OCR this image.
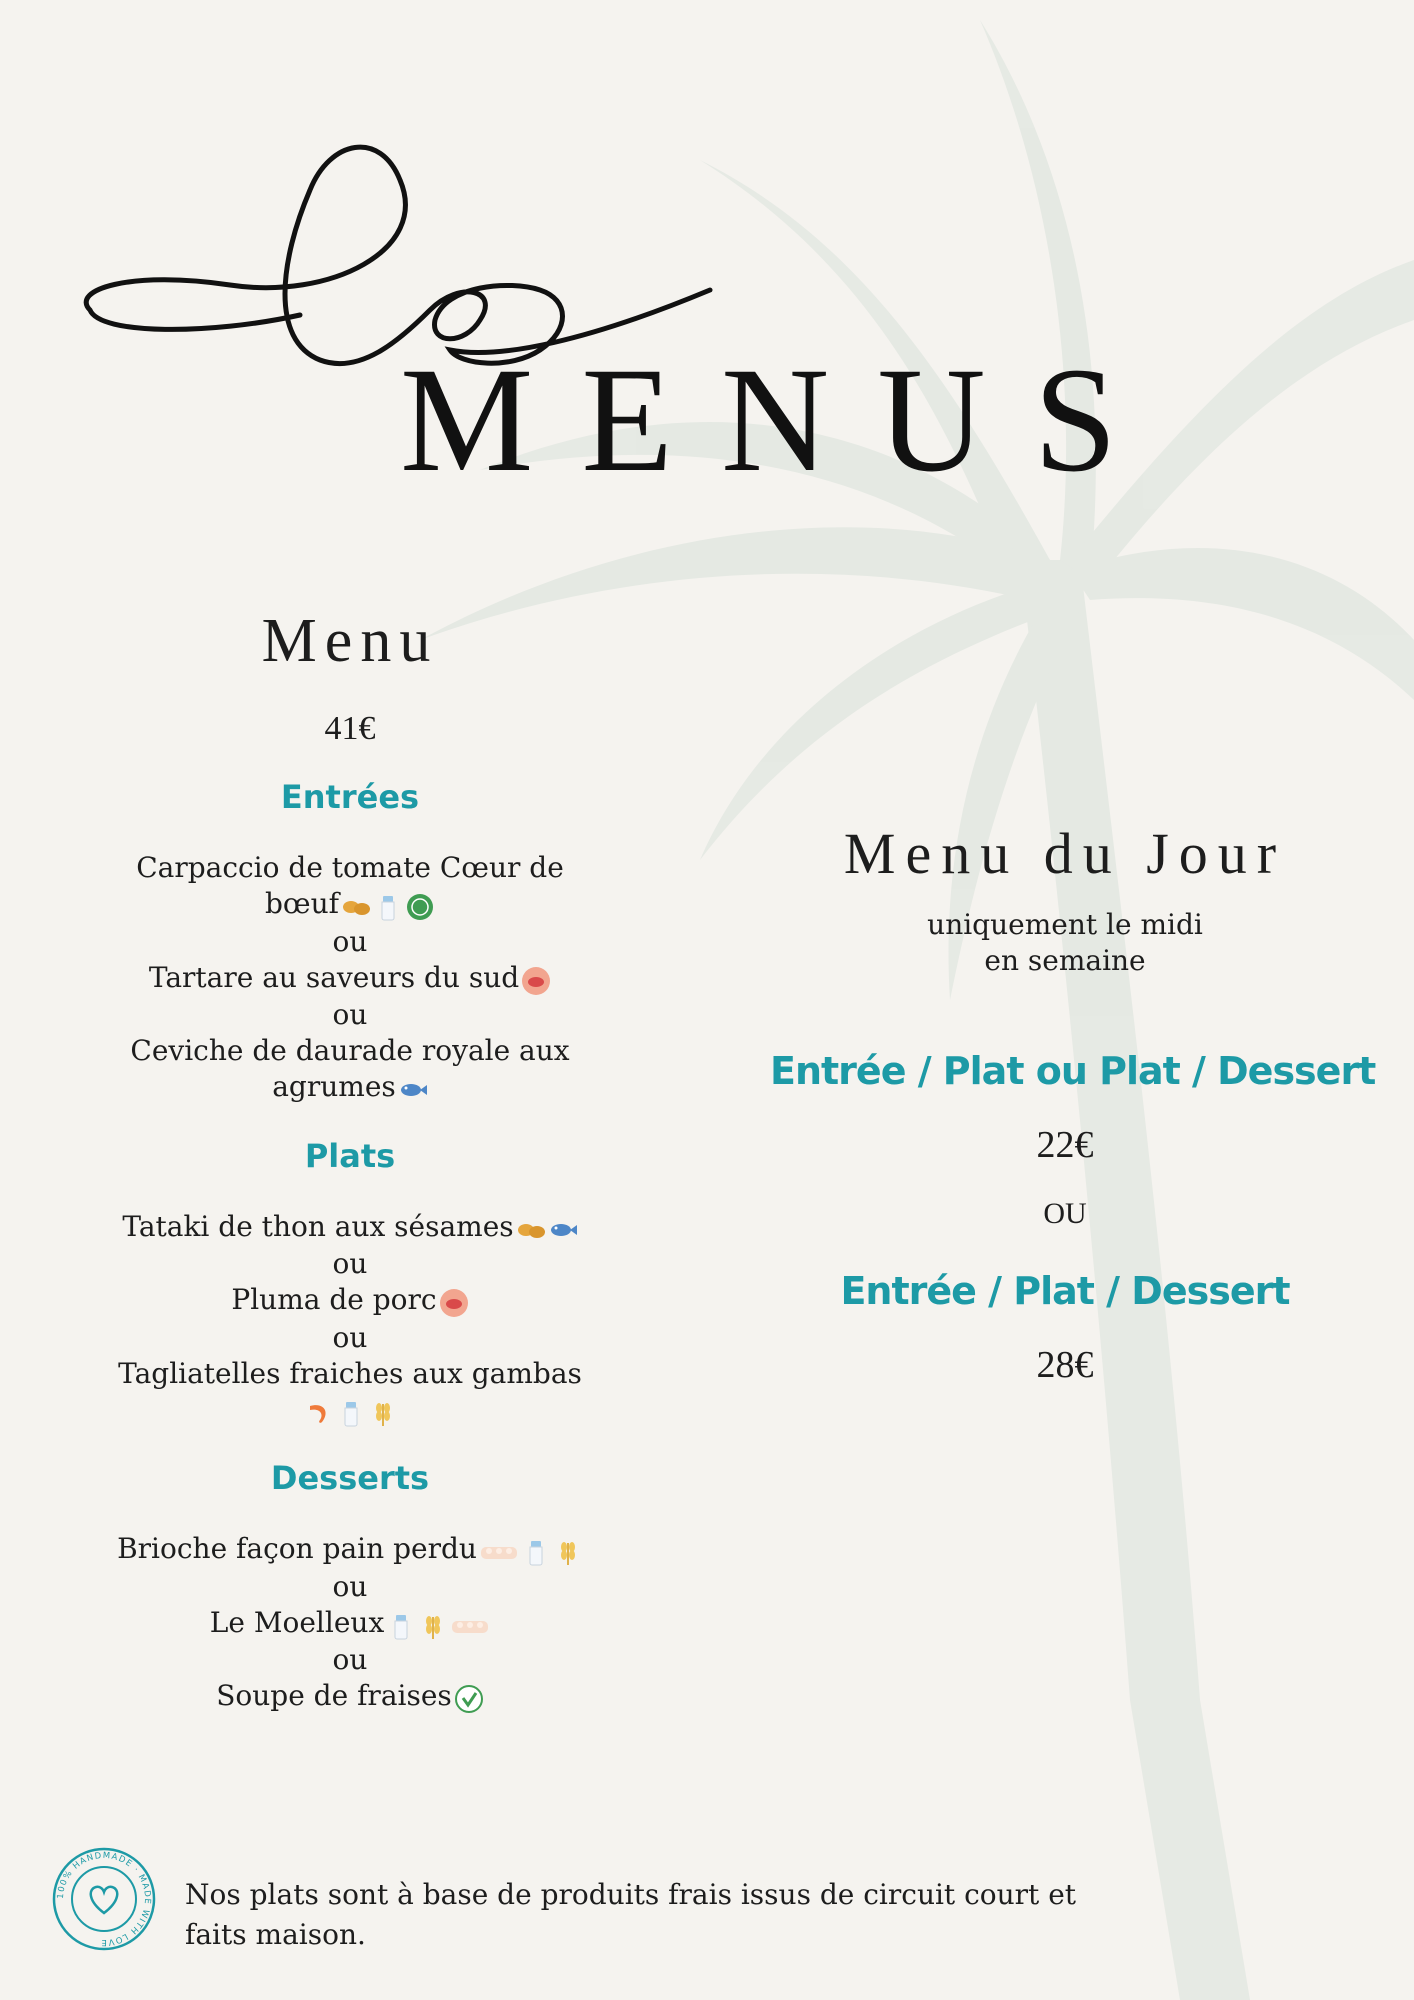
MENUS
Menu
41€
Entrées
Carpaccio de tomate Cœur de
bœuf
ou
Tartare au saveurs du sud
ou
Ceviche de daurade royale aux
agrumes
Plats
Tataki de thon aux sésames
ou
Pluma de porc
ou
Tagliatelles fraiches aux gambas
Desserts
Brioche façon pain perdu
ou
Le Moelleux
ou
Soupe de fraises
Menu du Jour
uniquement le midi
en semaine
Entrée / Plat ou Plat / Dessert
22€
OU
Entrée / Plat / Dessert
28€
100% HANDMADE · MADE WITH LOVE
Nos plats sont à base de produits frais issus de circuit court et faits maison.
